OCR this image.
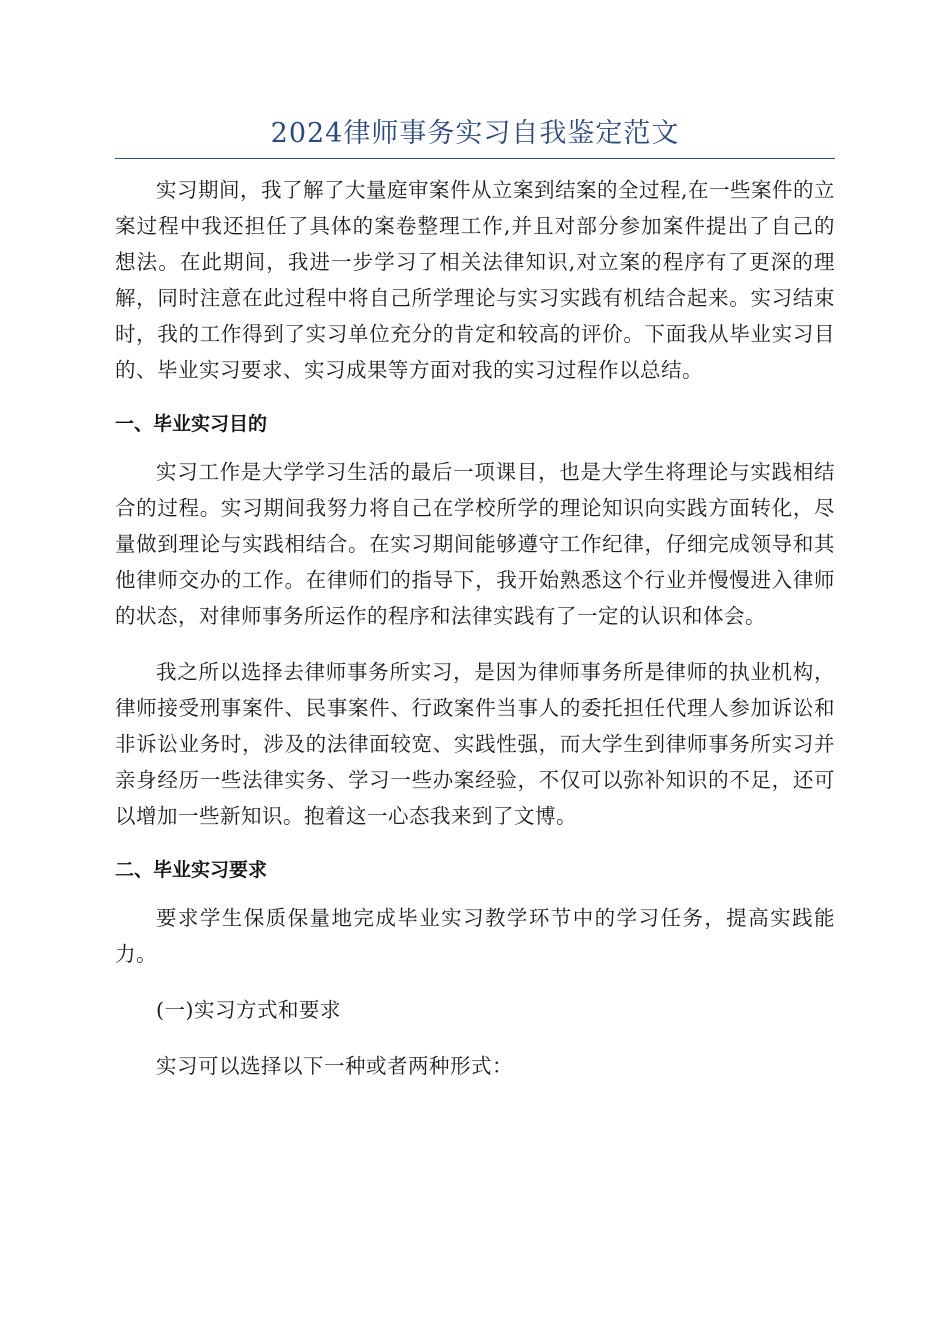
2024律师事务实习自我鉴定范文

实习期间，我了解了大量庭审案件从立案到结案的全过程,在一些案件的立案过程中我还担任了具体的案卷整理工作,并且对部分参加案件提出了自己的想法。在此期间，我进一步学习了相关法律知识,对立案的程序有了更深的理解，同时注意在此过程中将自己所学理论与实习实践有机结合起来。实习结束时，我的工作得到了实习单位充分的肯定和较高的评价。下面我从毕业实习目的、毕业实习要求、实习成果等方面对我的实习过程作以总结。

一、毕业实习目的

实习工作是大学学习生活的最后一项课目，也是大学生将理论与实践相结合的过程。实习期间我努力将自己在学校所学的理论知识向实践方面转化，尽量做到理论与实践相结合。在实习期间能够遵守工作纪律，仔细完成领导和其他律师交办的工作。在律师们的指导下，我开始熟悉这个行业并慢慢进入律师的状态，对律师事务所运作的程序和法律实践有了一定的认识和体会。

我之所以选择去律师事务所实习，是因为律师事务所是律师的执业机构，律师接受刑事案件、民事案件、行政案件当事人的委托担任代理人参加诉讼和非诉讼业务时，涉及的法律面较宽、实践性强，而大学生到律师事务所实习并亲身经历一些法律实务、学习一些办案经验，不仅可以弥补知识的不足，还可以增加一些新知识。抱着这一心态我来到了文博。

二、毕业实习要求

要求学生保质保量地完成毕业实习教学环节中的学习任务，提高实践能力。

(一)实习方式和要求

实习可以选择以下一种或者两种形式：
